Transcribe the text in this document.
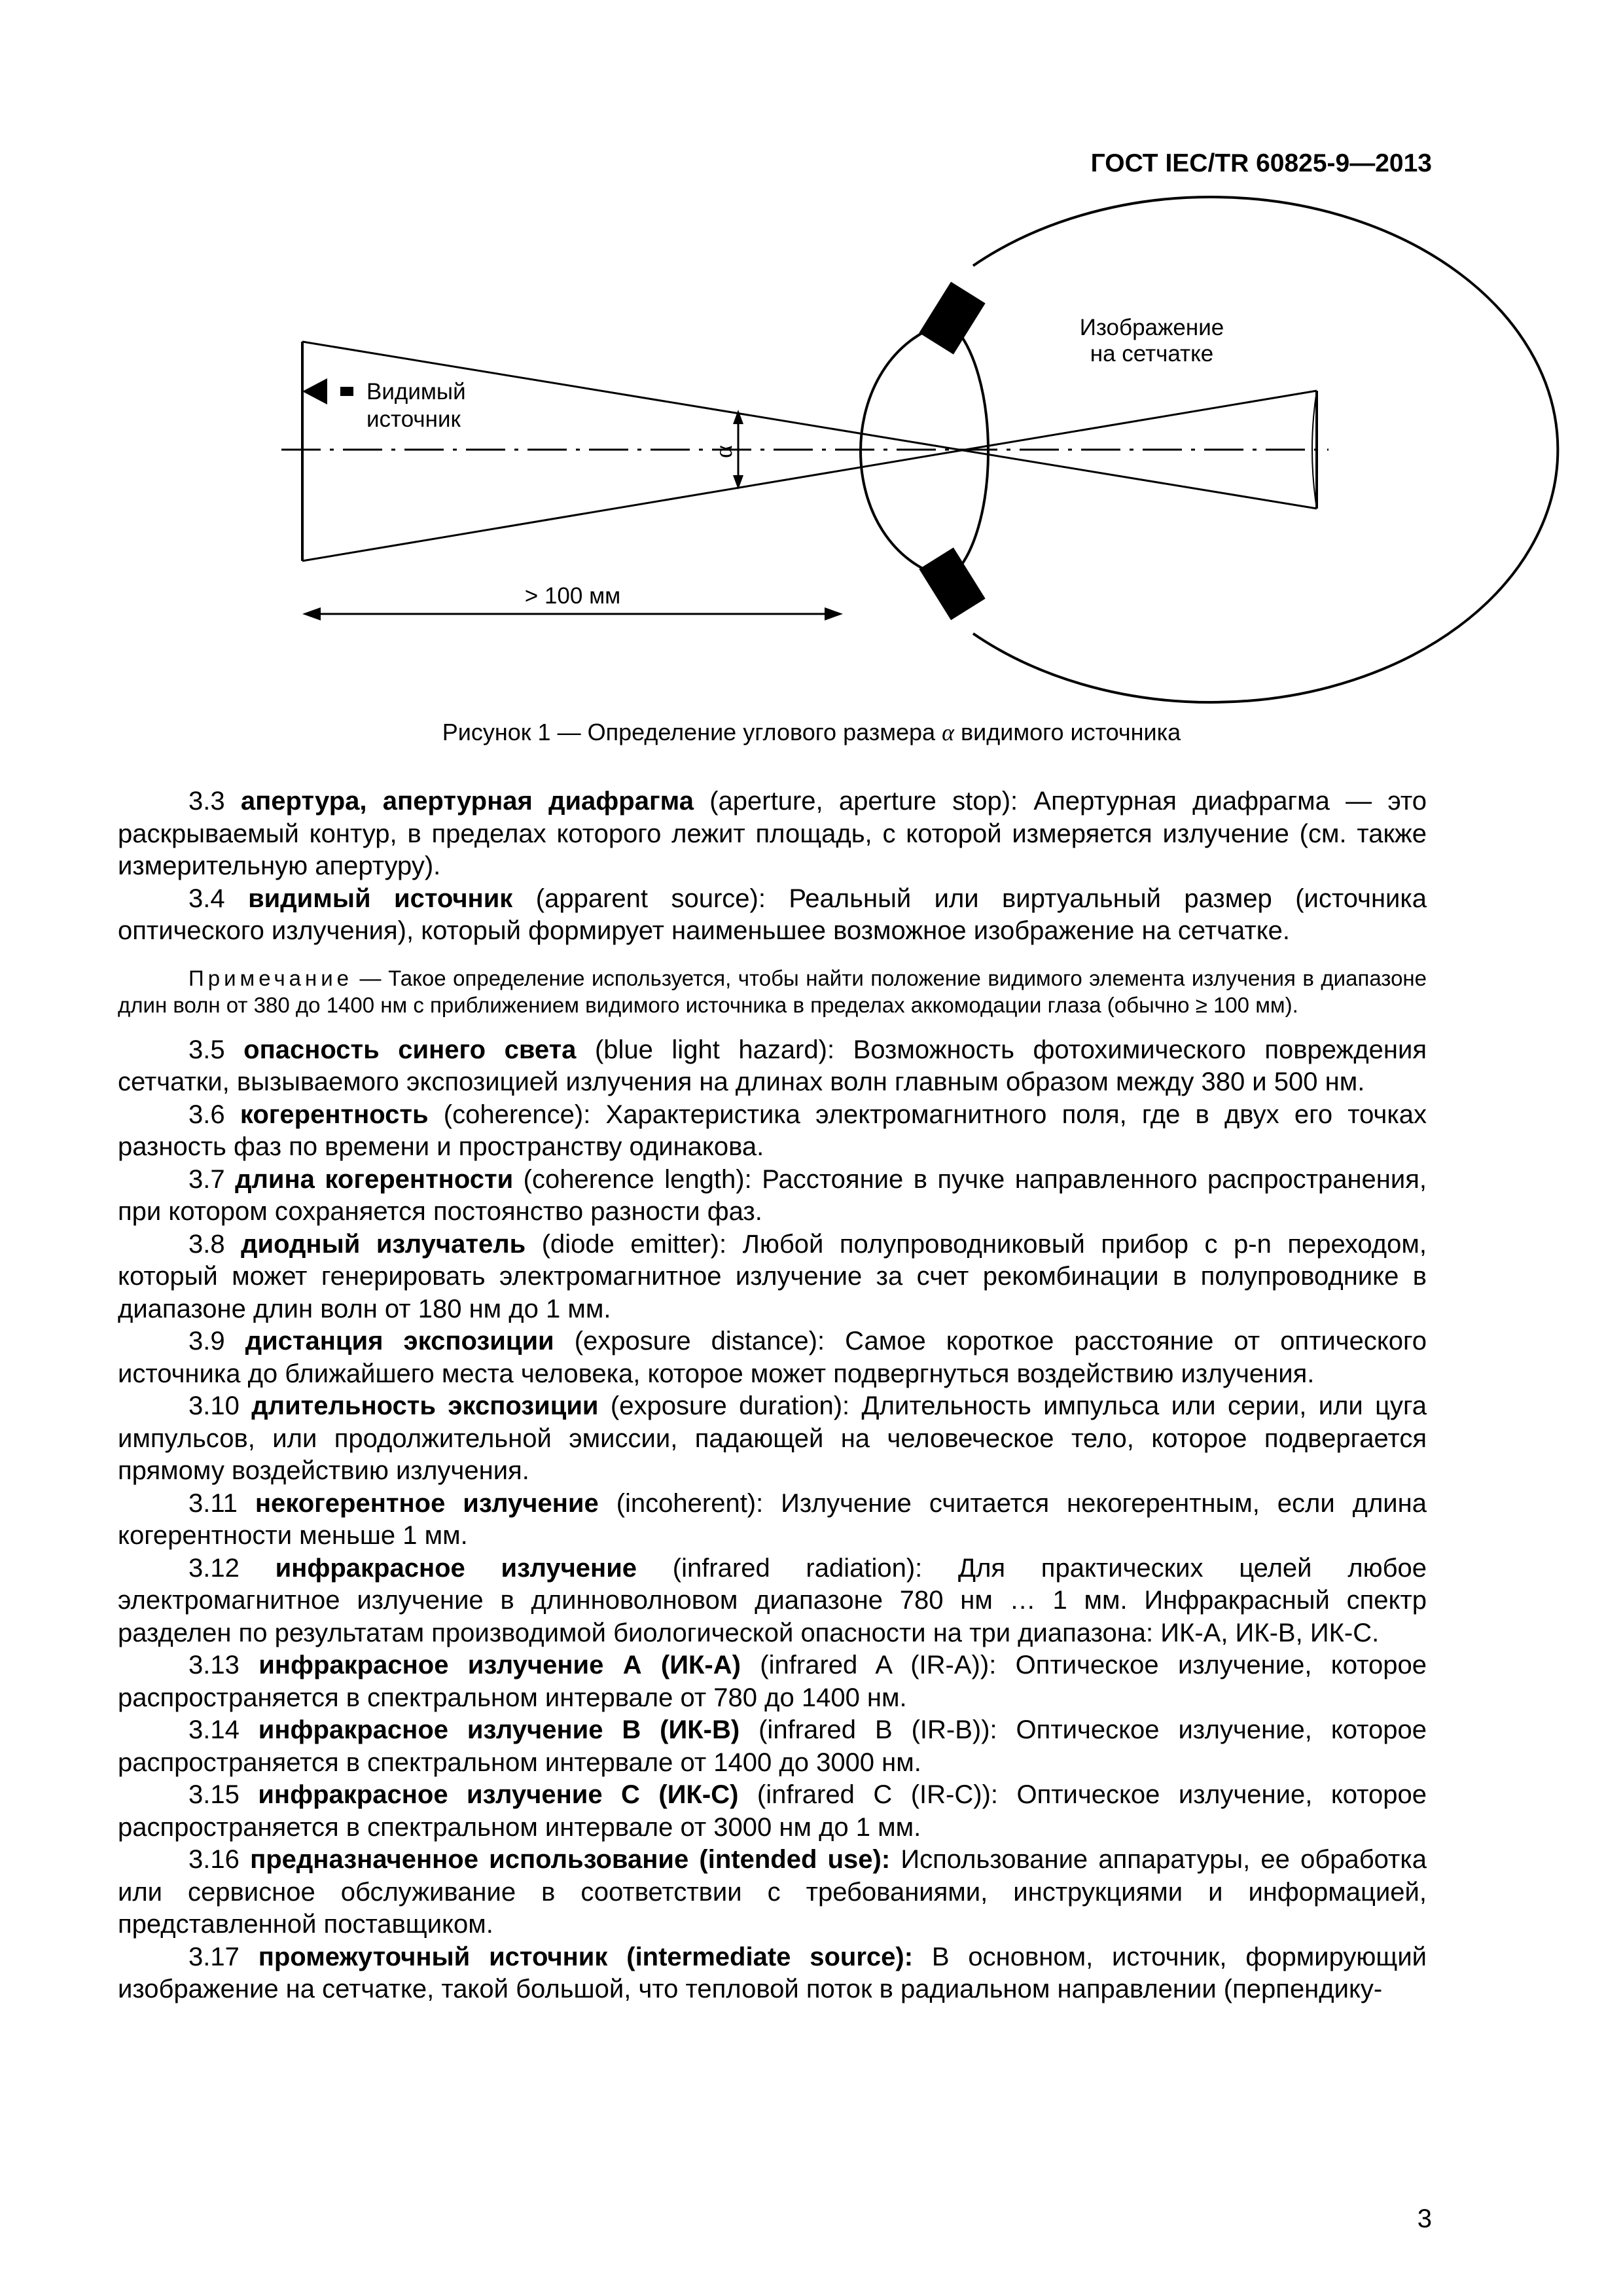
ГОСТ IEC/TR 60825-9—2013
α
Видимый
источник
Изображение
на сетчатке
> 100 мм
Рисунок 1 — Определение углового размера α видимого источника

3.3 апертура, апертурная диафрагма (aperture, aperture stop): Апертурная диафрагма — это раскрываемый контур, в пределах которого лежит площадь, с которой измеряется излучение (см. также измерительную апертуру).

3.4 видимый источник (apparent source): Реальный или виртуальный размер (источника оптического излучения), который формирует наименьшее возможное изображение на сетчатке.

Примечание — Такое определение используется, чтобы найти положение видимого элемента излучения в диапазоне длин волн от 380 до 1400 нм с приближением видимого источника в пределах аккомодации глаза (обычно ≥ 100 мм).

3.5 опасность синего света (blue light hazard): Возможность фотохимического повреждения сетчатки, вызываемого экспозицией излучения на длинах волн главным образом между 380 и 500 нм.

3.6 когерентность (coherence): Характеристика электромагнитного поля, где в двух его точках разность фаз по времени и пространству одинакова.

3.7 длина когерентности (coherence length): Расстояние в пучке направленного распространения, при котором сохраняется постоянство разности фаз.

3.8 диодный излучатель (diode emitter): Любой полупроводниковый прибор с p-n переходом, который может генерировать электромагнитное излучение за счет рекомбинации в полупроводнике в диапазоне длин волн от 180 нм до 1 мм.

3.9 дистанция экспозиции (exposure distance): Самое короткое расстояние от оптического источника до ближайшего места человека, которое может подвергнуться воздействию излучения.

3.10 длительность экспозиции (exposure duration): Длительность импульса или серии, или цуга импульсов, или продолжительной эмиссии, падающей на человеческое тело, которое подвергается прямому воздействию излучения.

3.11 некогерентное излучение (incoherent): Излучение считается некогерентным, если длина когерентности меньше 1 мм.

3.12 инфракрасное излучение (infrared radiation): Для практических целей любое электромагнитное излучение в длинноволновом диапазоне 780 нм … 1 мм. Инфракрасный спектр разделен по результатам производимой биологической опасности на три диапазона: ИК-А, ИК-В, ИК-С.

3.13 инфракрасное излучение А (ИК-А) (infrared A (IR-A)): Оптическое излучение, которое распространяется в спектральном интервале от 780 до 1400 нм.

3.14 инфракрасное излучение В (ИК-В) (infrared B (IR-B)): Оптическое излучение, которое распространяется в спектральном интервале от 1400 до 3000 нм.

3.15 инфракрасное излучение С (ИК-С) (infrared C (IR-C)): Оптическое излучение, которое распространяется в спектральном интервале от 3000 нм до 1 мм.

3.16 предназначенное использование (intended use): Использование аппаратуры, ее обработка или сервисное обслуживание в соответствии с требованиями, инструкциями и информацией, представленной поставщиком.

3.17 промежуточный источник (intermediate source): В основном, источник, формирующий изображение на сетчатке, такой большой, что тепловой поток в радиальном направлении (перпендику-

3
